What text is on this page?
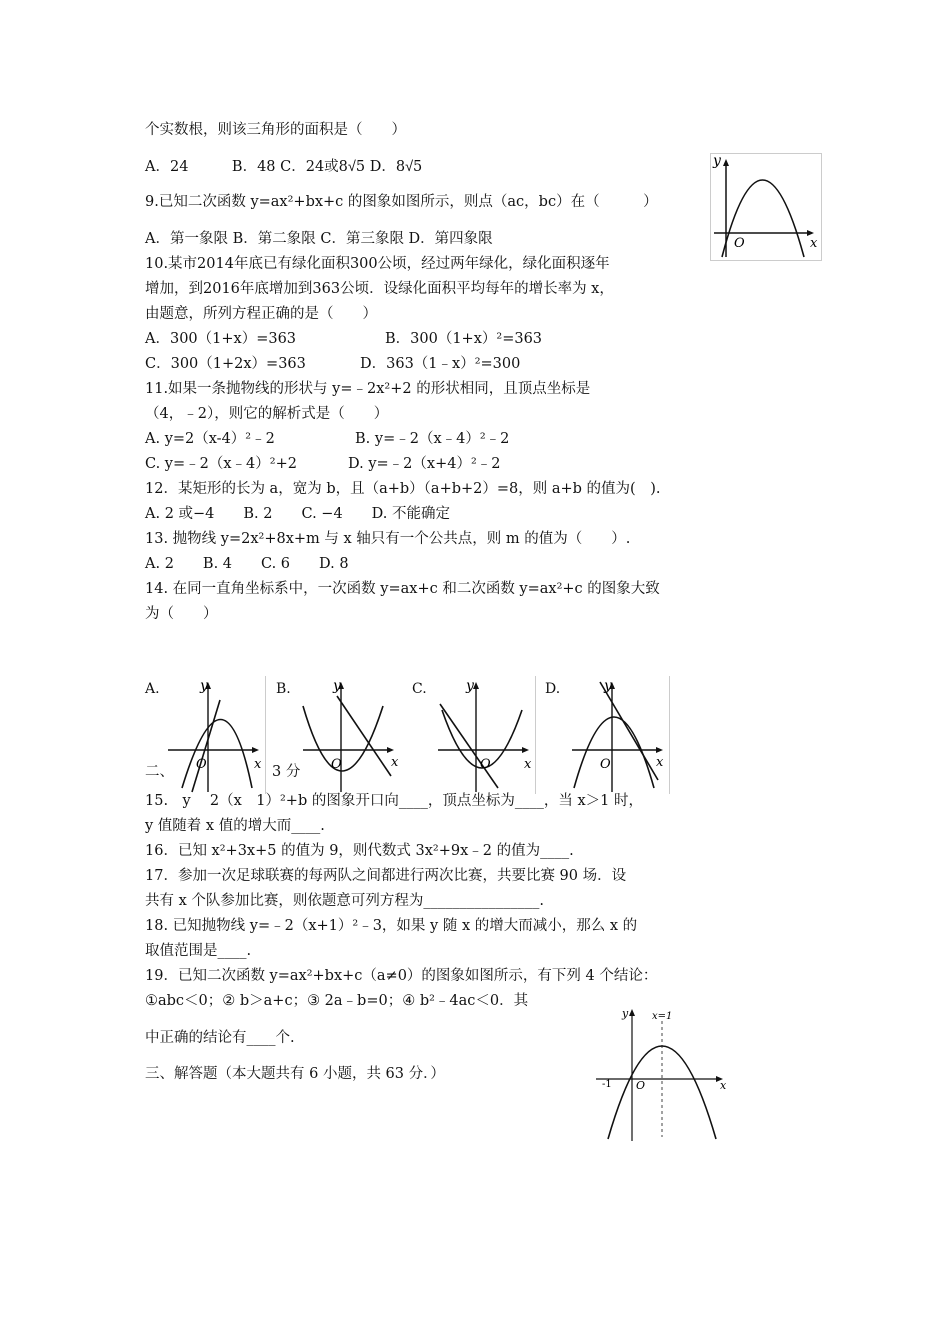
个实数根，则该三角形的面积是（　　）
A．24　　　B．48 C．24或8√5 D．8√5
9.已知二次函数 y=ax²+bx+c 的图象如图所示，则点（ac，bc）在（　　　）
A．第一象限 B．第二象限 C．第三象限 D．第四象限
10.某市2014年底已有绿化面积300公顷，经过两年绿化，绿化面积逐年
增加，到2016年底增加到363公顷．设绿化面积平均每年的增长率为 x，
由题意，所列方程正确的是（　　）
A．300（1+x）=363	B．300（1+x）²=363
C．300（1+2x）=363	D．363（1﹣x）²=300
11.如果一条抛物线的形状与 y=﹣2x²+2 的形状相同，且顶点坐标是
（4，﹣2），则它的解析式是（　　）
A. y=2（x-4）²﹣2	B. y=﹣2（x﹣4）²﹣2
C. y=﹣2（x﹣4）²+2	D. y=﹣2（x+4）²﹣2
12．某矩形的长为 a，宽为 b，且（a+b）（a+b+2）=8，则 a+b 的值为(　).
A. 2 或−4　　B. 2　　C. −4　　D. 不能确定
13. 抛物线 y=2x²+8x+m 与 x 轴只有一个公共点，则 m 的值为（　　）.
A. 2　　B. 4　　C. 6　　D. 8
14. 在同一直角坐标系中，一次函数 y=ax+c 和二次函数 y=ax²+c 的图象大致
为（　　）
A.	B.	C.	D.
二、	3 分
15.　y　 2（x　1）²+b 的图象开口向____，顶点坐标为____，当 x＞1 时，
y 值随着 x 值的增大而____.
16．已知 x²+3x+5 的值为 9，则代数式 3x²+9x﹣2 的值为____.
17．参加一次足球联赛的每两队之间都进行两次比赛，共要比赛 90 场．设
共有 x 个队参加比赛，则依题意可列方程为________________.
18. 已知抛物线 y=﹣2（x+1）²﹣3，如果 y 随 x 的增大而减小，那么 x 的
取值范围是____.
19．已知二次函数 y=ax²+bx+c（a≠0）的图象如图所示，有下列 4 个结论：
①abc＜0；② b＞a+c；③ 2a﹣b=0；④ b²﹣4ac＜0．其
中正确的结论有____个.
三、解答题（本大题共有 6 小题，共 63 分．）
y
O	x
y
O	x
y
O	x
y
O	x
y
O	x
y x=1
-1 O	x
